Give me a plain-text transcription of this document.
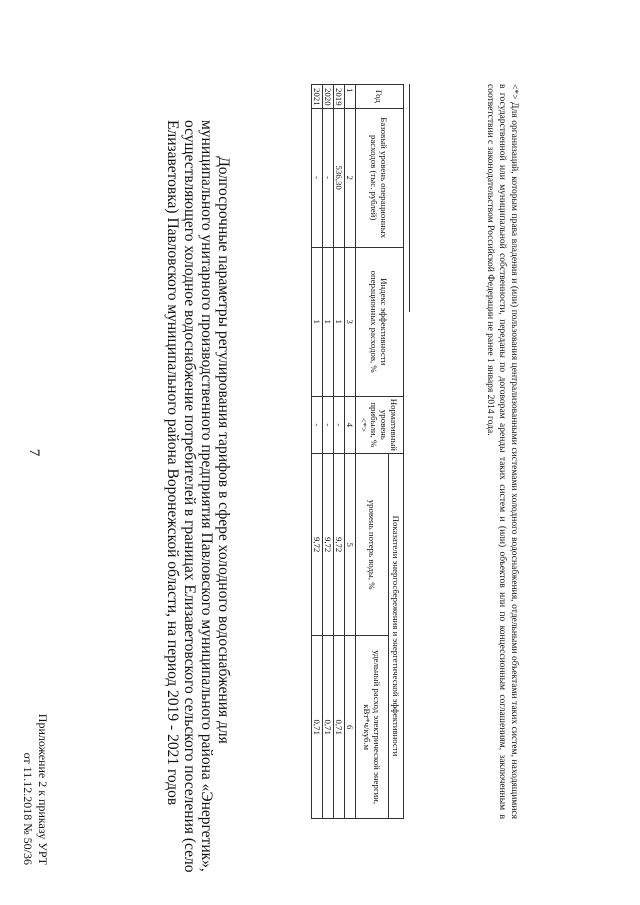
Приложение 2 к приказу УРТ
от 11.12.2018 № 50/36
7	Долгосрочные параметры регулирования тарифов в сфере холодного водоснабжения для
муниципального унитарного производственного предприятия Павловского муниципального района «Энергетик»,
осуществляющего холодное водоснабжение потребителей в границах Елизаветовского сельского поселения (село
Елизаветовка) Павловского муниципального района Воронежской области, на период 2019 - 2021 годов
Год	Базовый уровень операционных расходов (тыс. рублей)	Индекс эффективности операционных расходов, %	Нормативный уровень прибыли, % <*>	Показатели энергосбережения и энергетической эффективности	
				уровень потерь воды, %	удельный расход электрической энергии, кВт*ч/куб.м
1	2	3	4	5	6
2019	536,30	1	-	9,72	0,71
2020	-	1	-	9,72	0,71
2021	-	1	-	9,72	0,71	<*> Для организаций, которым права владения и (или) пользования централизованными системами холодного водоснабжения, отдельными объектами таких систем, находящимися в государственной или муниципальной собственности, переданы по договорам аренды таких систем и (или) объектов или по концессионным соглашениям, заключенным в соответствии с законодательством Российской Федерации не ранее 1 января 2014 года.
